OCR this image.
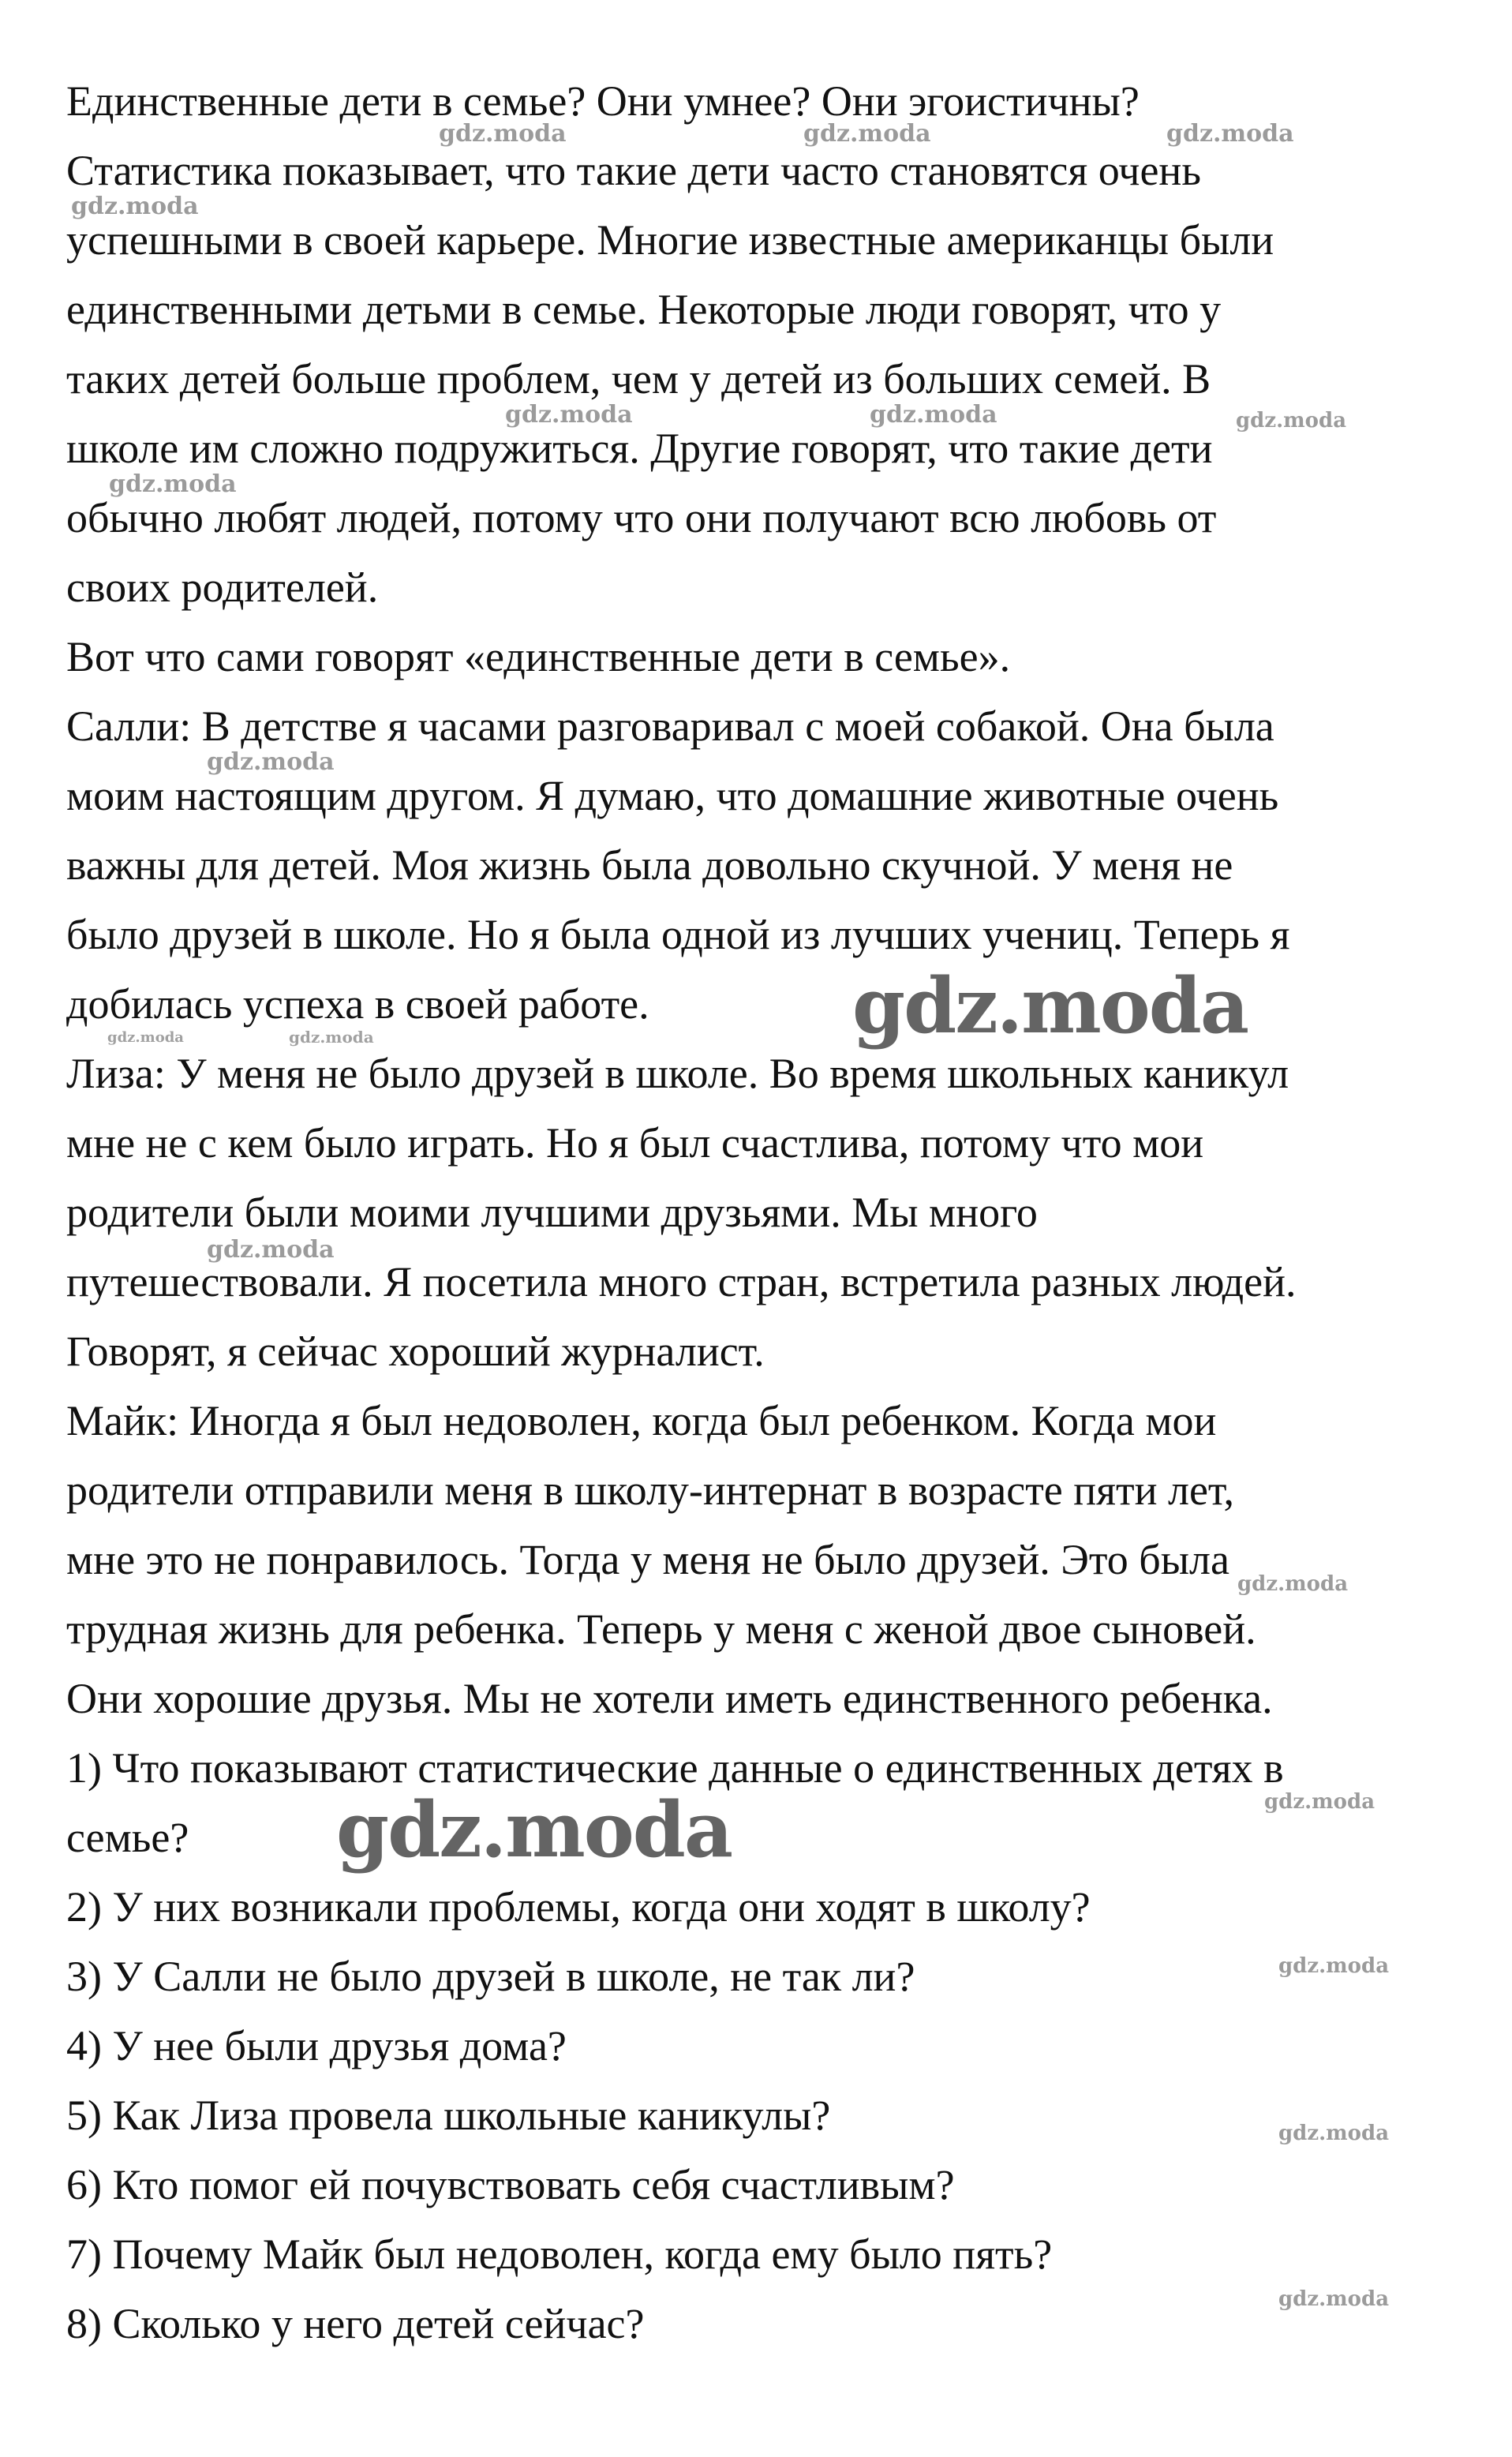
Единственные дети в семье? Они умнее? Они эгоистичны?
Статистика показывает, что такие дети часто становятся очень
успешными в своей карьере. Многие известные американцы были
единственными детьми в семье. Некоторые люди говорят, что у
таких детей больше проблем, чем у детей из больших семей. В
школе им сложно подружиться. Другие говорят, что такие дети
обычно любят людей, потому что они получают всю любовь от
своих родителей.
Вот что сами говорят «единственные дети в семье».
Салли: В детстве я часами разговаривал с моей собакой. Она была
моим настоящим другом. Я думаю, что домашние животные очень
важны для детей. Моя жизнь была довольно скучной. У меня не
было друзей в школе. Но я была одной из лучших учениц. Теперь я
добилась успеха в своей работе.
Лиза: У меня не было друзей в школе. Во время школьных каникул
мне не с кем было играть. Но я был счастлива, потому что мои
родители были моими лучшими друзьями. Мы много
путешествовали. Я посетила много стран, встретила разных людей.
Говорят, я сейчас хороший журналист.
Майк: Иногда я был недоволен, когда был ребенком. Когда мои
родители отправили меня в школу-интернат в возрасте пяти лет,
мне это не понравилось. Тогда у меня не было друзей. Это была
трудная жизнь для ребенка. Теперь у меня с женой двое сыновей.
Они хорошие друзья. Мы не хотели иметь единственного ребенка.
1) Что показывают статистические данные о единственных детях в
семье?
2) У них возникали проблемы, когда они ходят в школу?
3) У Салли не было друзей в школе, не так ли?
4) У нее были друзья дома?
5) Как Лиза провела школьные каникулы?
6) Кто помог ей почувствовать себя счастливым?
7) Почему Майк был недоволен, когда ему было пять?
8) Сколько у него детей сейчас?
gdz.moda	gdz.moda	gdz.moda
gdz.moda
gdz.moda	gdz.moda	gdz.moda
gdz.moda
gdz.moda
gdz.moda
gdz.moda	gdz.moda
gdz.moda
gdz.moda
gdz.moda
gdz.moda
gdz.moda
gdz.moda
gdz.moda
